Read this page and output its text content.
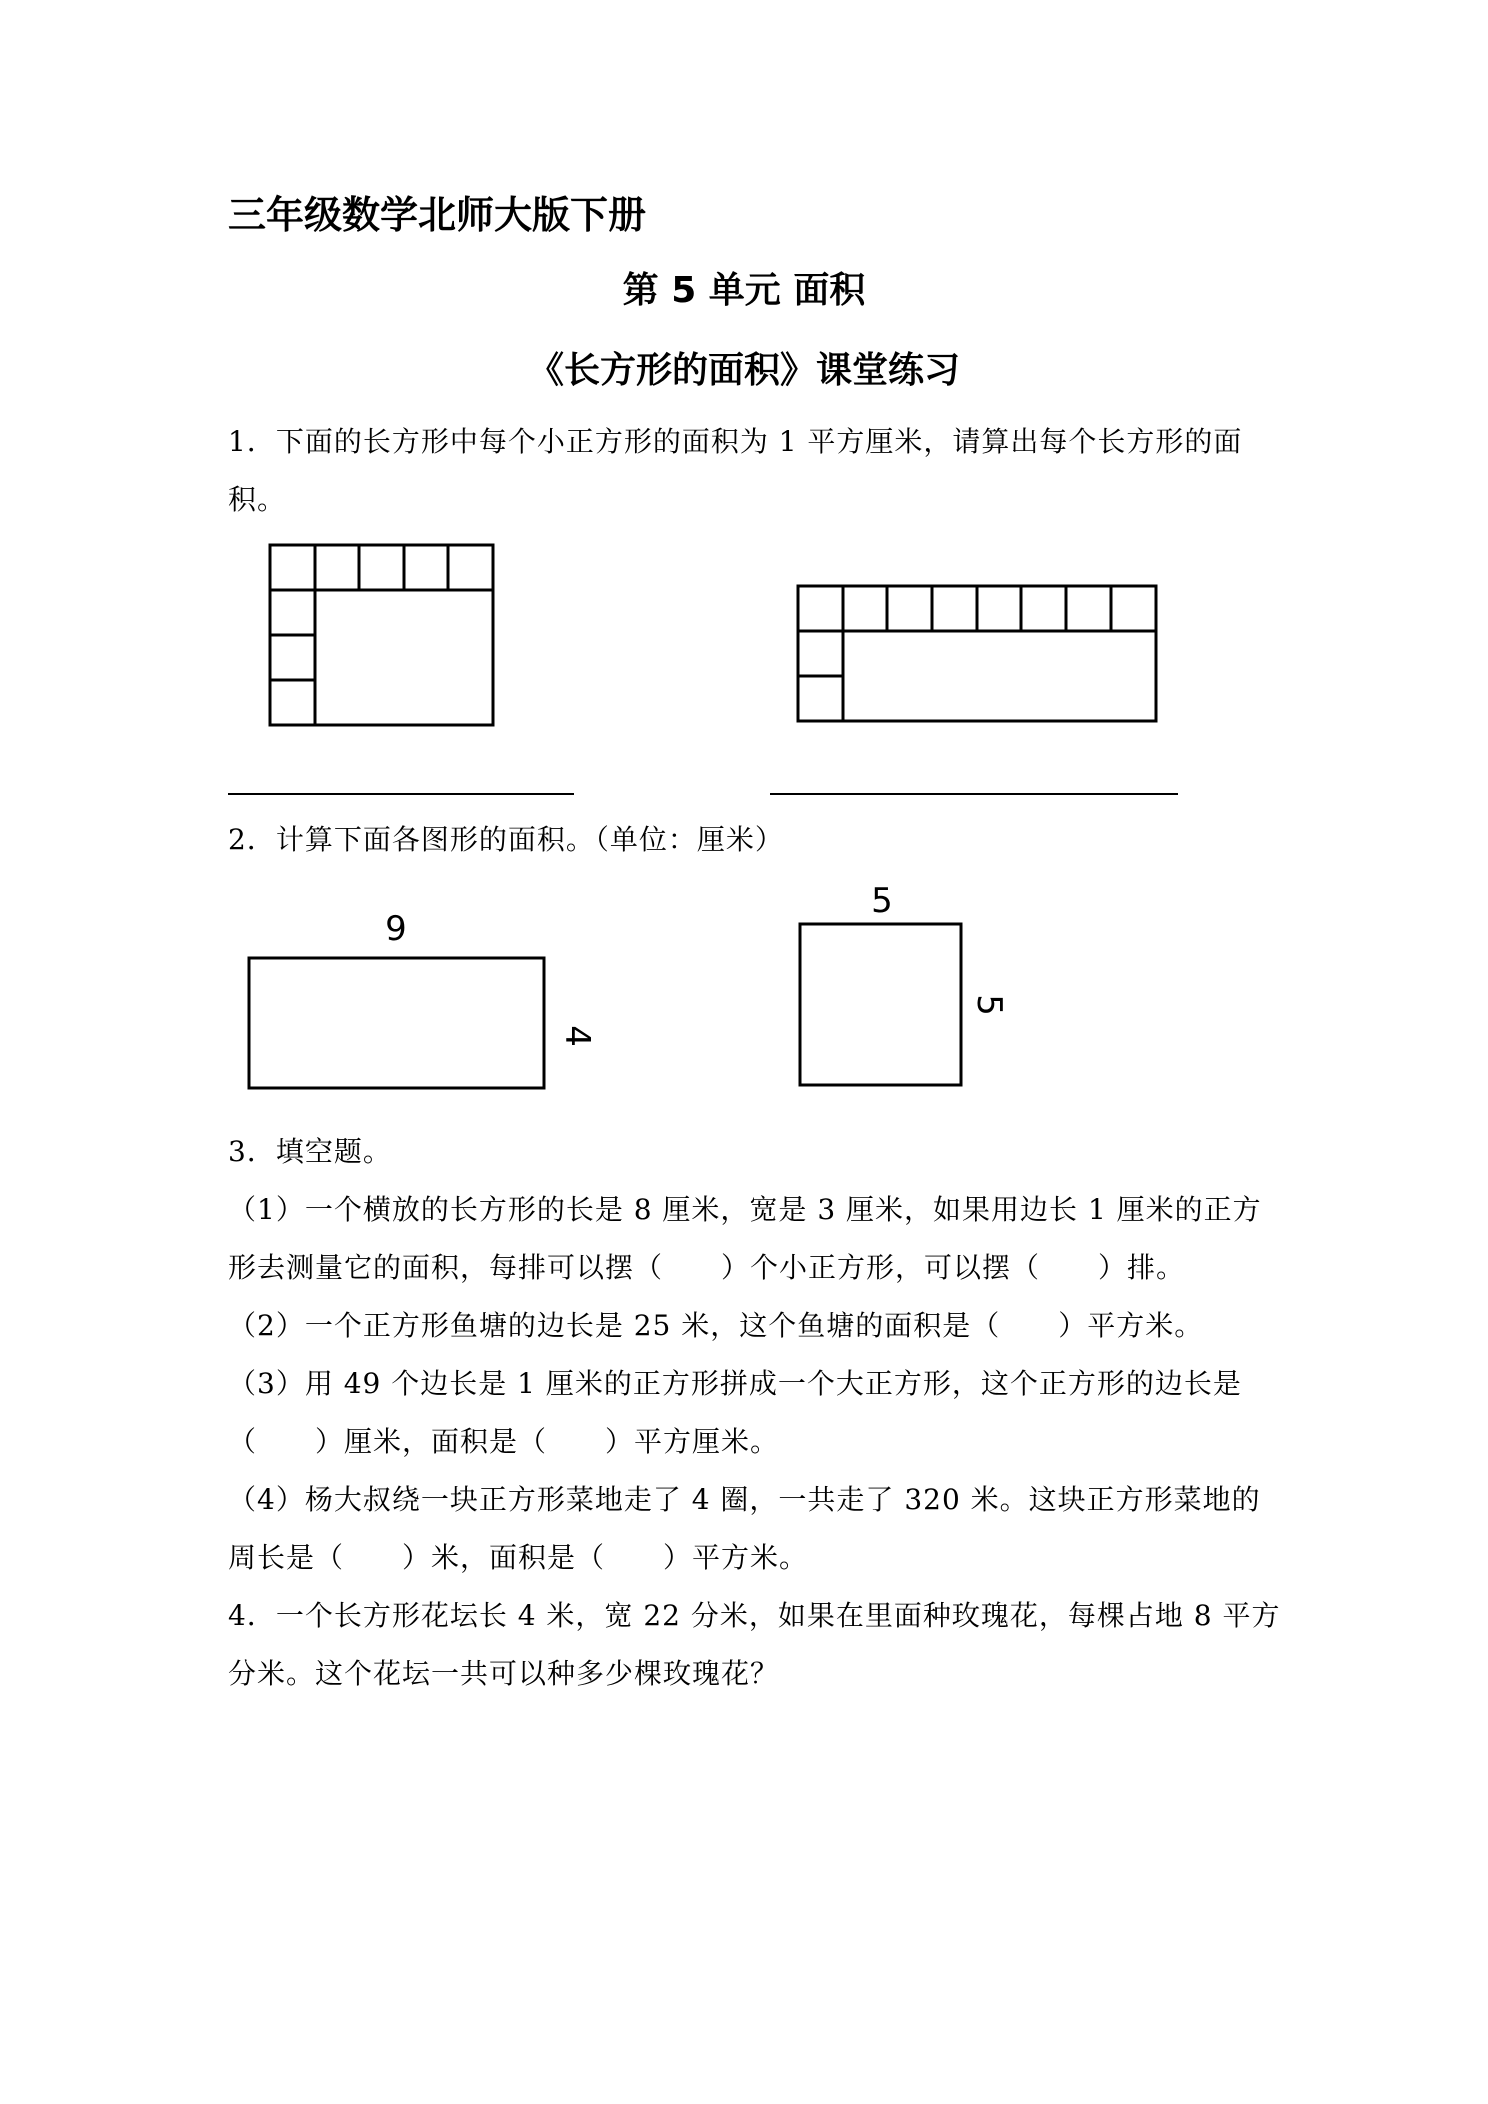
三年级数学北师大版下册
第 5 单元 面积
《长方形的面积》课堂练习
1．下面的长方形中每个小正方形的面积为 1 平方厘米，请算出每个长方形的面
积。
9
4
5
5
2．计算下面各图形的面积。（单位：厘米）
3．填空题。
（1）一个横放的长方形的长是 8 厘米，宽是 3 厘米，如果用边长 1 厘米的正方
形去测量它的面积，每排可以摆（　　）个小正方形，可以摆（　　）排。
（2）一个正方形鱼塘的边长是 25 米，这个鱼塘的面积是（　　）平方米。
（3）用 49 个边长是 1 厘米的正方形拼成一个大正方形，这个正方形的边长是
（　　）厘米，面积是（　　）平方厘米。
（4）杨大叔绕一块正方形菜地走了 4 圈，一共走了 320 米。这块正方形菜地的
周长是（　　）米，面积是（　　）平方米。
4．一个长方形花坛长 4 米，宽 22 分米，如果在里面种玫瑰花，每棵占地 8 平方
分米。这个花坛一共可以种多少棵玫瑰花？
